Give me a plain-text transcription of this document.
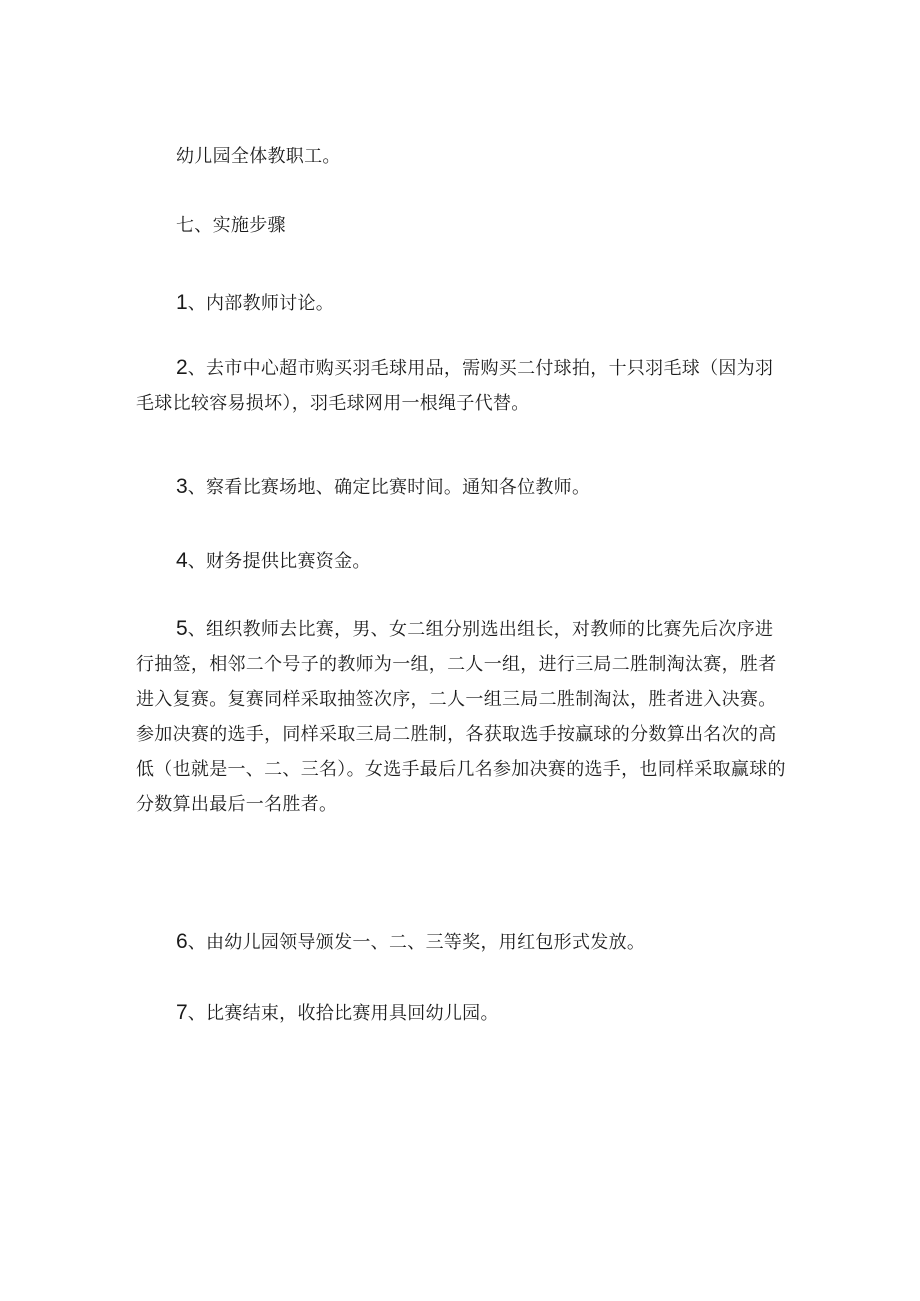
幼儿园全体教职工。

七、实施步骤

1、内部教师讨论。

2、去市中心超市购买羽毛球用品，需购买二付球拍，十只羽毛球（因为羽毛球比较容易损坏），羽毛球网用一根绳子代替。

3、察看比赛场地、确定比赛时间。通知各位教师。

4、财务提供比赛资金。

5、组织教师去比赛，男、女二组分别选出组长，对教师的比赛先后次序进行抽签，相邻二个号子的教师为一组，二人一组，进行三局二胜制淘汰赛，胜者进入复赛。复赛同样采取抽签次序，二人一组三局二胜制淘汰，胜者进入决赛。参加决赛的选手，同样采取三局二胜制，各获取选手按赢球的分数算出名次的高低（也就是一、二、三名）。女选手最后几名参加决赛的选手，也同样采取赢球的分数算出最后一名胜者。

6、由幼儿园领导颁发一、二、三等奖，用红包形式发放。

7、比赛结束，收拾比赛用具回幼儿园。
